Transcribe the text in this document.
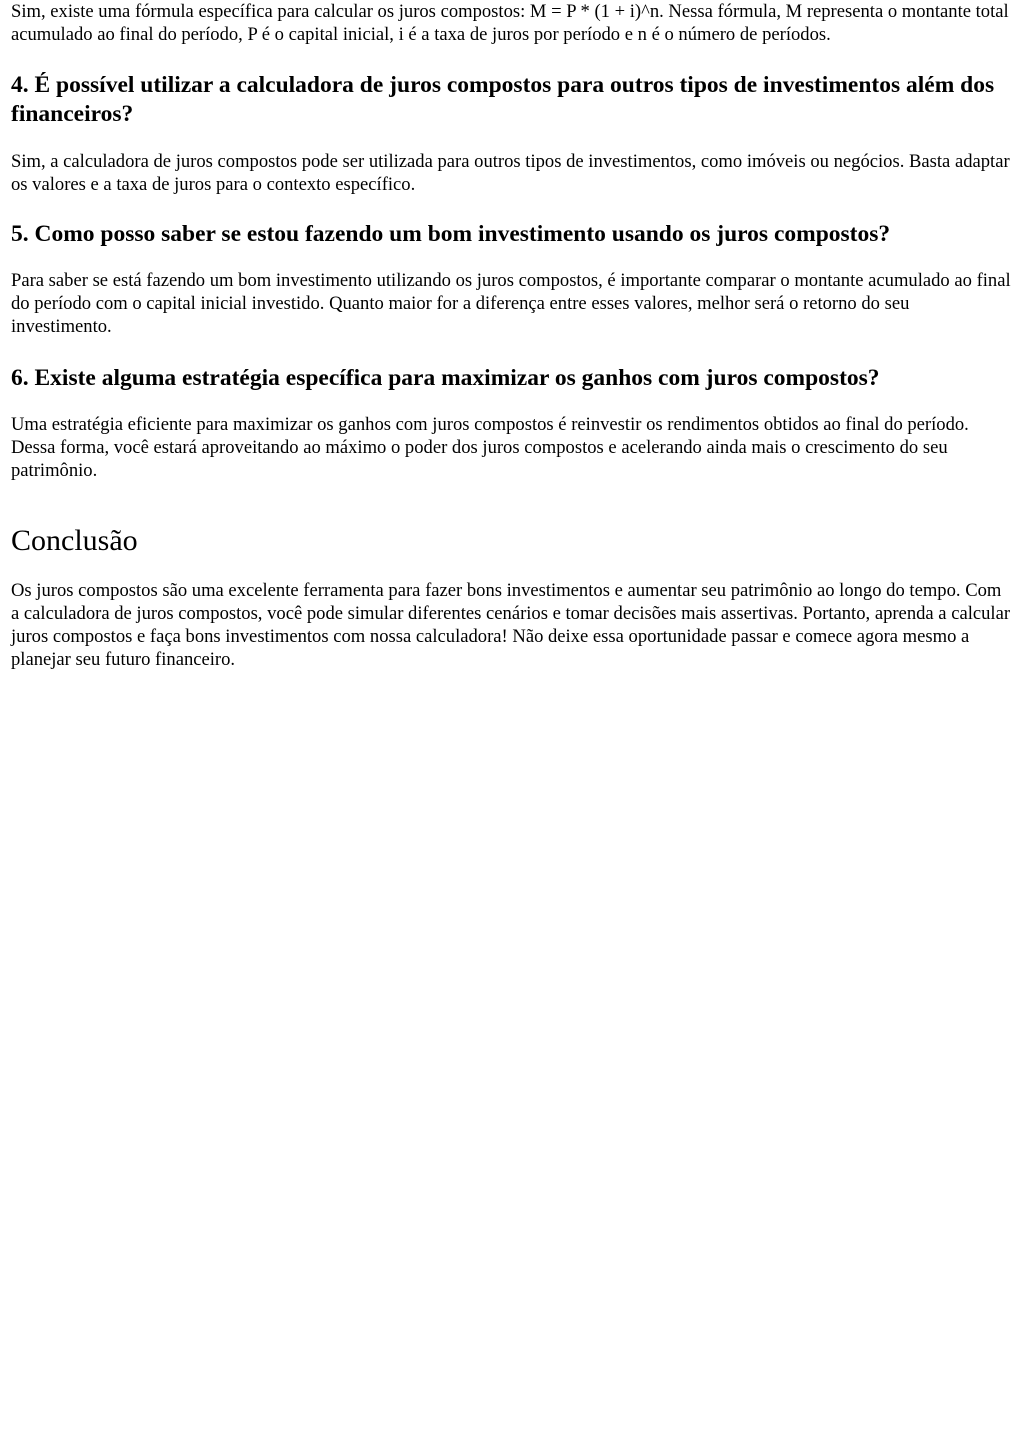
Sim, existe uma fórmula específica para calcular os juros compostos: M = P * (1 + i)^n. Nessa fórmula, M representa o montante total acumulado ao final do período, P é o capital inicial, i é a taxa de juros por período e n é o número de períodos.

4. É possível utilizar a calculadora de juros compostos para outros tipos de investimentos além dos financeiros?

Sim, a calculadora de juros compostos pode ser utilizada para outros tipos de investimentos, como imóveis ou negócios. Basta adaptar os valores e a taxa de juros para o contexto específico.

5. Como posso saber se estou fazendo um bom investimento usando os juros compostos?

Para saber se está fazendo um bom investimento utilizando os juros compostos, é importante comparar o montante acumulado ao final do período com o capital inicial investido. Quanto maior for a diferença entre esses valores, melhor será o retorno do seu investimento.

6. Existe alguma estratégia específica para maximizar os ganhos com juros compostos?

Uma estratégia eficiente para maximizar os ganhos com juros compostos é reinvestir os rendimentos obtidos ao final do período. Dessa forma, você estará aproveitando ao máximo o poder dos juros compostos e acelerando ainda mais o crescimento do seu patrimônio.

Conclusão

Os juros compostos são uma excelente ferramenta para fazer bons investimentos e aumentar seu patrimônio ao longo do tempo. Com a calculadora de juros compostos, você pode simular diferentes cenários e tomar decisões mais assertivas. Portanto, aprenda a calcular juros compostos e faça bons investimentos com nossa calculadora! Não deixe essa oportunidade passar e comece agora mesmo a planejar seu futuro financeiro.
